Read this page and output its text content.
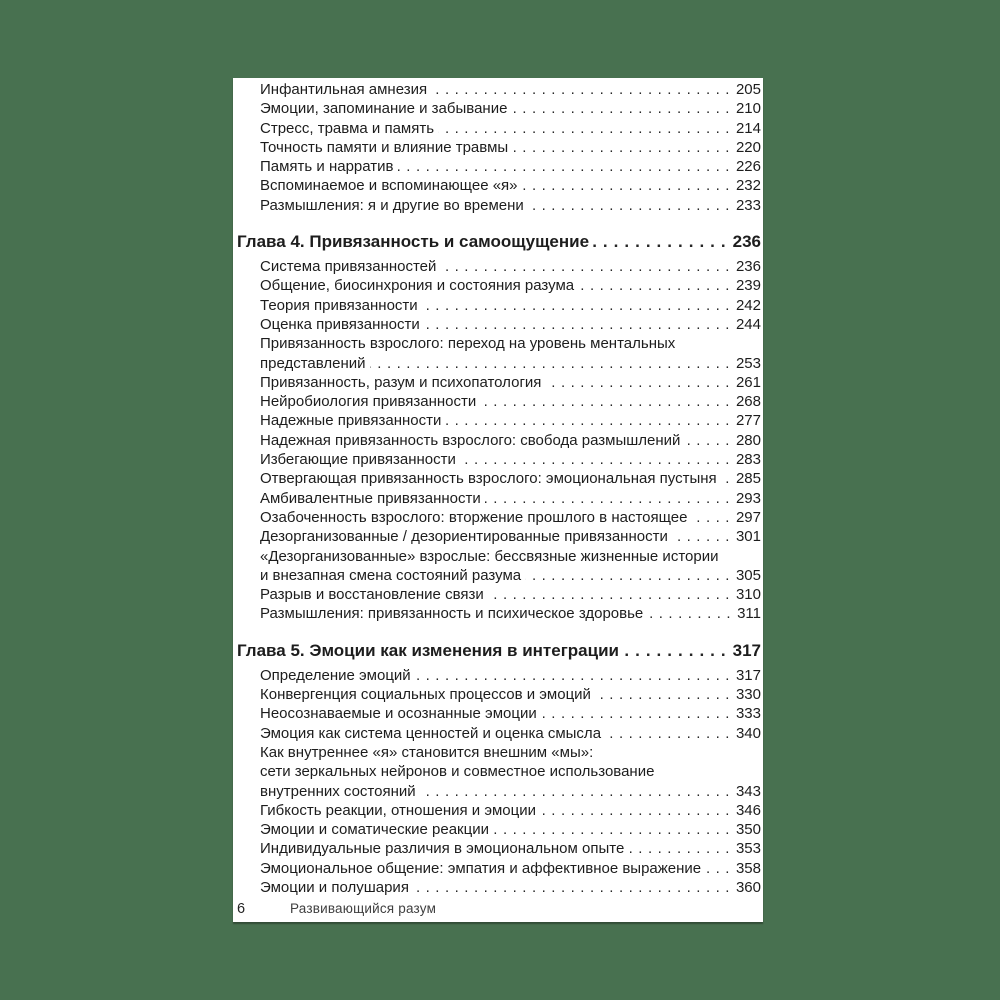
Инфантильная амнезия .....	205
Эмоции, запоминание и забывание .....	210
Стресс, травма и память .....	214
Точность памяти и влияние травмы .....	220
Память и нарратив .....	226
Вспоминаемое и вспоминающее «я» .....	232
Размышления: я и другие во времени .....	233
Глава 4. Привязанность и самоощущение .....	236
Система привязанностей .....	236
Общение, биосинхрония и состояния разума .....	239
Теория привязанности .....	242
Оценка привязанности .....	244
Привязанность взрослого: переход на уровень ментальных
представлений .....	253
Привязанность, разум и психопатология .....	261
Нейробиология привязанности .....	268
Надежные привязанности .....	277
Надежная привязанность взрослого: свобода размышлений .....	280
Избегающие привязанности .....	283
Отвергающая привязанность взрослого: эмоциональная пустыня ..... 285
Амбивалентные привязанности .....	293
Озабоченность взрослого: вторжение прошлого в настоящее .....	297
Дезорганизованные / дезориентированные привязанности .....	301
«Дезорганизованные» взрослые: бессвязные жизненные истории
и внезапная смена состояний разума .....	305
Разрыв и восстановление связи .....	310
Размышления: привязанность и психическое здоровье .....	311
Глава 5. Эмоции как изменения в интеграции .....	317
Определение эмоций .....	317
Конвергенция социальных процессов и эмоций .....	330
Неосознаваемые и осознанные эмоции .....	333
Эмоция как система ценностей и оценка смысла .....	340
Как внутреннее «я» становится внешним «мы»:
сети зеркальных нейронов и совместное использование
внутренних состояний .....	343
Гибкость реакции, отношения и эмоции .....	346
Эмоции и соматические реакции .....	350
Индивидуальные различия в эмоциональном опыте .....	353
Эмоциональное общение: эмпатия и аффективное выражение ..... 358
Эмоции и полушария .....	360
6	Развивающийся разум
